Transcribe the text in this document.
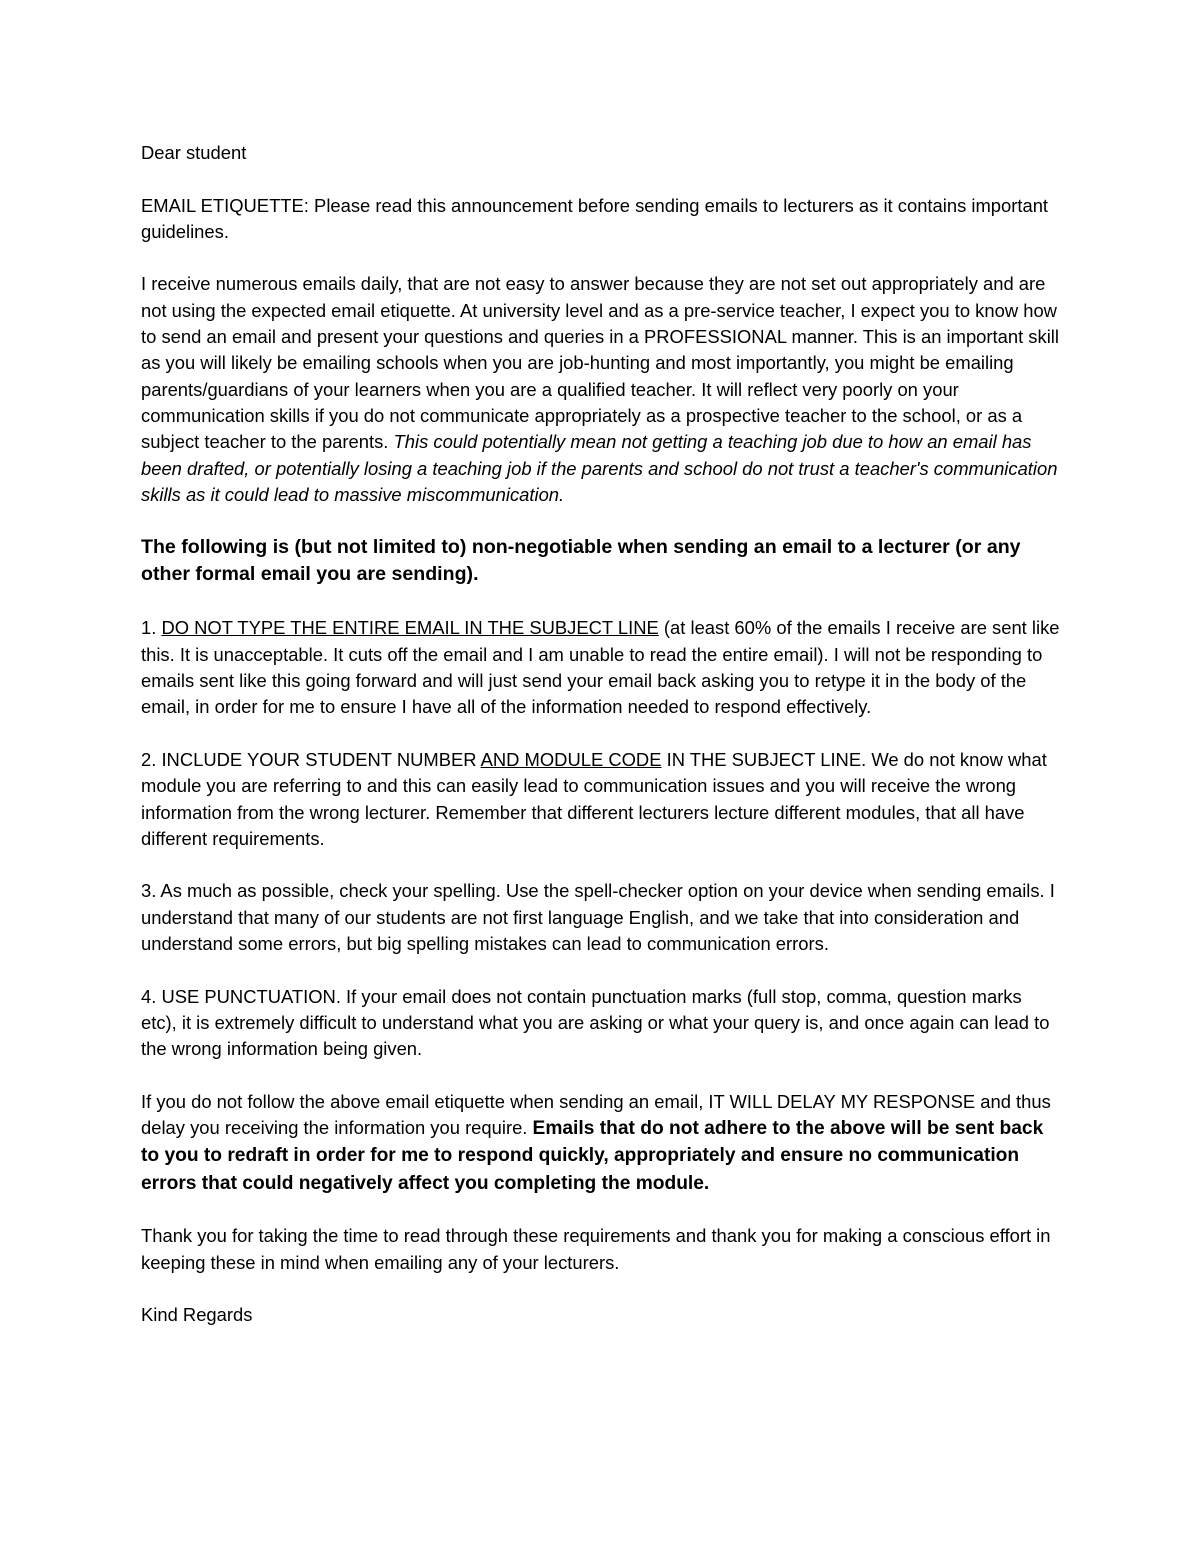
Dear student

EMAIL ETIQUETTE: Please read this announcement before sending emails to lecturers as it contains important guidelines.

I receive numerous emails daily, that are not easy to answer because they are not set out appropriately and are not using the expected email etiquette. At university level and as a pre-service teacher, I expect you to know how to send an email and present your questions and queries in a PROFESSIONAL manner. This is an important skill as you will likely be emailing schools when you are job-hunting and most importantly, you might be emailing parents/guardians of your learners when you are a qualified teacher. It will reflect very poorly on your communication skills if you do not communicate appropriately as a prospective teacher to the school, or as a subject teacher to the parents. This could potentially mean not getting a teaching job due to how an email has been drafted, or potentially losing a teaching job if the parents and school do not trust a teacher's communication skills as it could lead to massive miscommunication.

The following is (but not limited to) non-negotiable when sending an email to a lecturer (or any other formal email you are sending).

1. DO NOT TYPE THE ENTIRE EMAIL IN THE SUBJECT LINE (at least 60% of the emails I receive are sent like this. It is unacceptable. It cuts off the email and I am unable to read the entire email). I will not be responding to emails sent like this going forward and will just send your email back asking you to retype it in the body of the email, in order for me to ensure I have all of the information needed to respond effectively.

2. INCLUDE YOUR STUDENT NUMBER AND MODULE CODE IN THE SUBJECT LINE. We do not know what module you are referring to and this can easily lead to communication issues and you will receive the wrong information from the wrong lecturer. Remember that different lecturers lecture different modules, that all have different requirements.

3. As much as possible, check your spelling. Use the spell-checker option on your device when sending emails. I understand that many of our students are not first language English, and we take that into consideration and understand some errors, but big spelling mistakes can lead to communication errors.

4. USE PUNCTUATION. If your email does not contain punctuation marks (full stop, comma, question marks etc), it is extremely difficult to understand what you are asking or what your query is, and once again can lead to the wrong information being given.

If you do not follow the above email etiquette when sending an email, IT WILL DELAY MY RESPONSE and thus delay you receiving the information you require. Emails that do not adhere to the above will be sent back to you to redraft in order for me to respond quickly, appropriately and ensure no communication errors that could negatively affect you completing the module.

Thank you for taking the time to read through these requirements and thank you for making a conscious effort in keeping these in mind when emailing any of your lecturers.

Kind Regards
